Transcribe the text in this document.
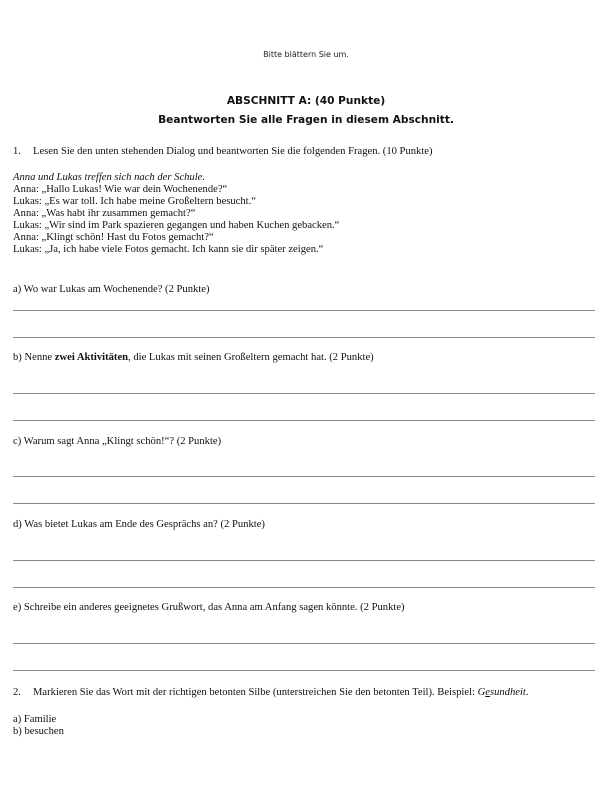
Bitte blättern Sie um.
ABSCHNITT A: (40 Punkte)
Beantworten Sie alle Fragen in diesem Abschnitt.
1. Lesen Sie den unten stehenden Dialog und beantworten Sie die folgenden Fragen. (10 Punkte)
Anna und Lukas treffen sich nach der Schule.
Anna: „Hallo Lukas! Wie war dein Wochenende?“
Lukas: „Es war toll. Ich habe meine Großeltern besucht.“
Anna: „Was habt ihr zusammen gemacht?“
Lukas: „Wir sind im Park spazieren gegangen und haben Kuchen gebacken.“
Anna: „Klingt schön! Hast du Fotos gemacht?“
Lukas: „Ja, ich habe viele Fotos gemacht. Ich kann sie dir später zeigen.“
a) Wo war Lukas am Wochenende? (2 Punkte)
b) Nenne zwei Aktivitäten, die Lukas mit seinen Großeltern gemacht hat. (2 Punkte)
c) Warum sagt Anna „Klingt schön!“? (2 Punkte)
d) Was bietet Lukas am Ende des Gesprächs an? (2 Punkte)
e) Schreibe ein anderes geeignetes Grußwort, das Anna am Anfang sagen könnte. (2 Punkte)
2. Markieren Sie das Wort mit der richtigen betonten Silbe (unterstreichen Sie den betonten Teil). Beispiel: Gesundheit.
a) Familie
b) besuchen
